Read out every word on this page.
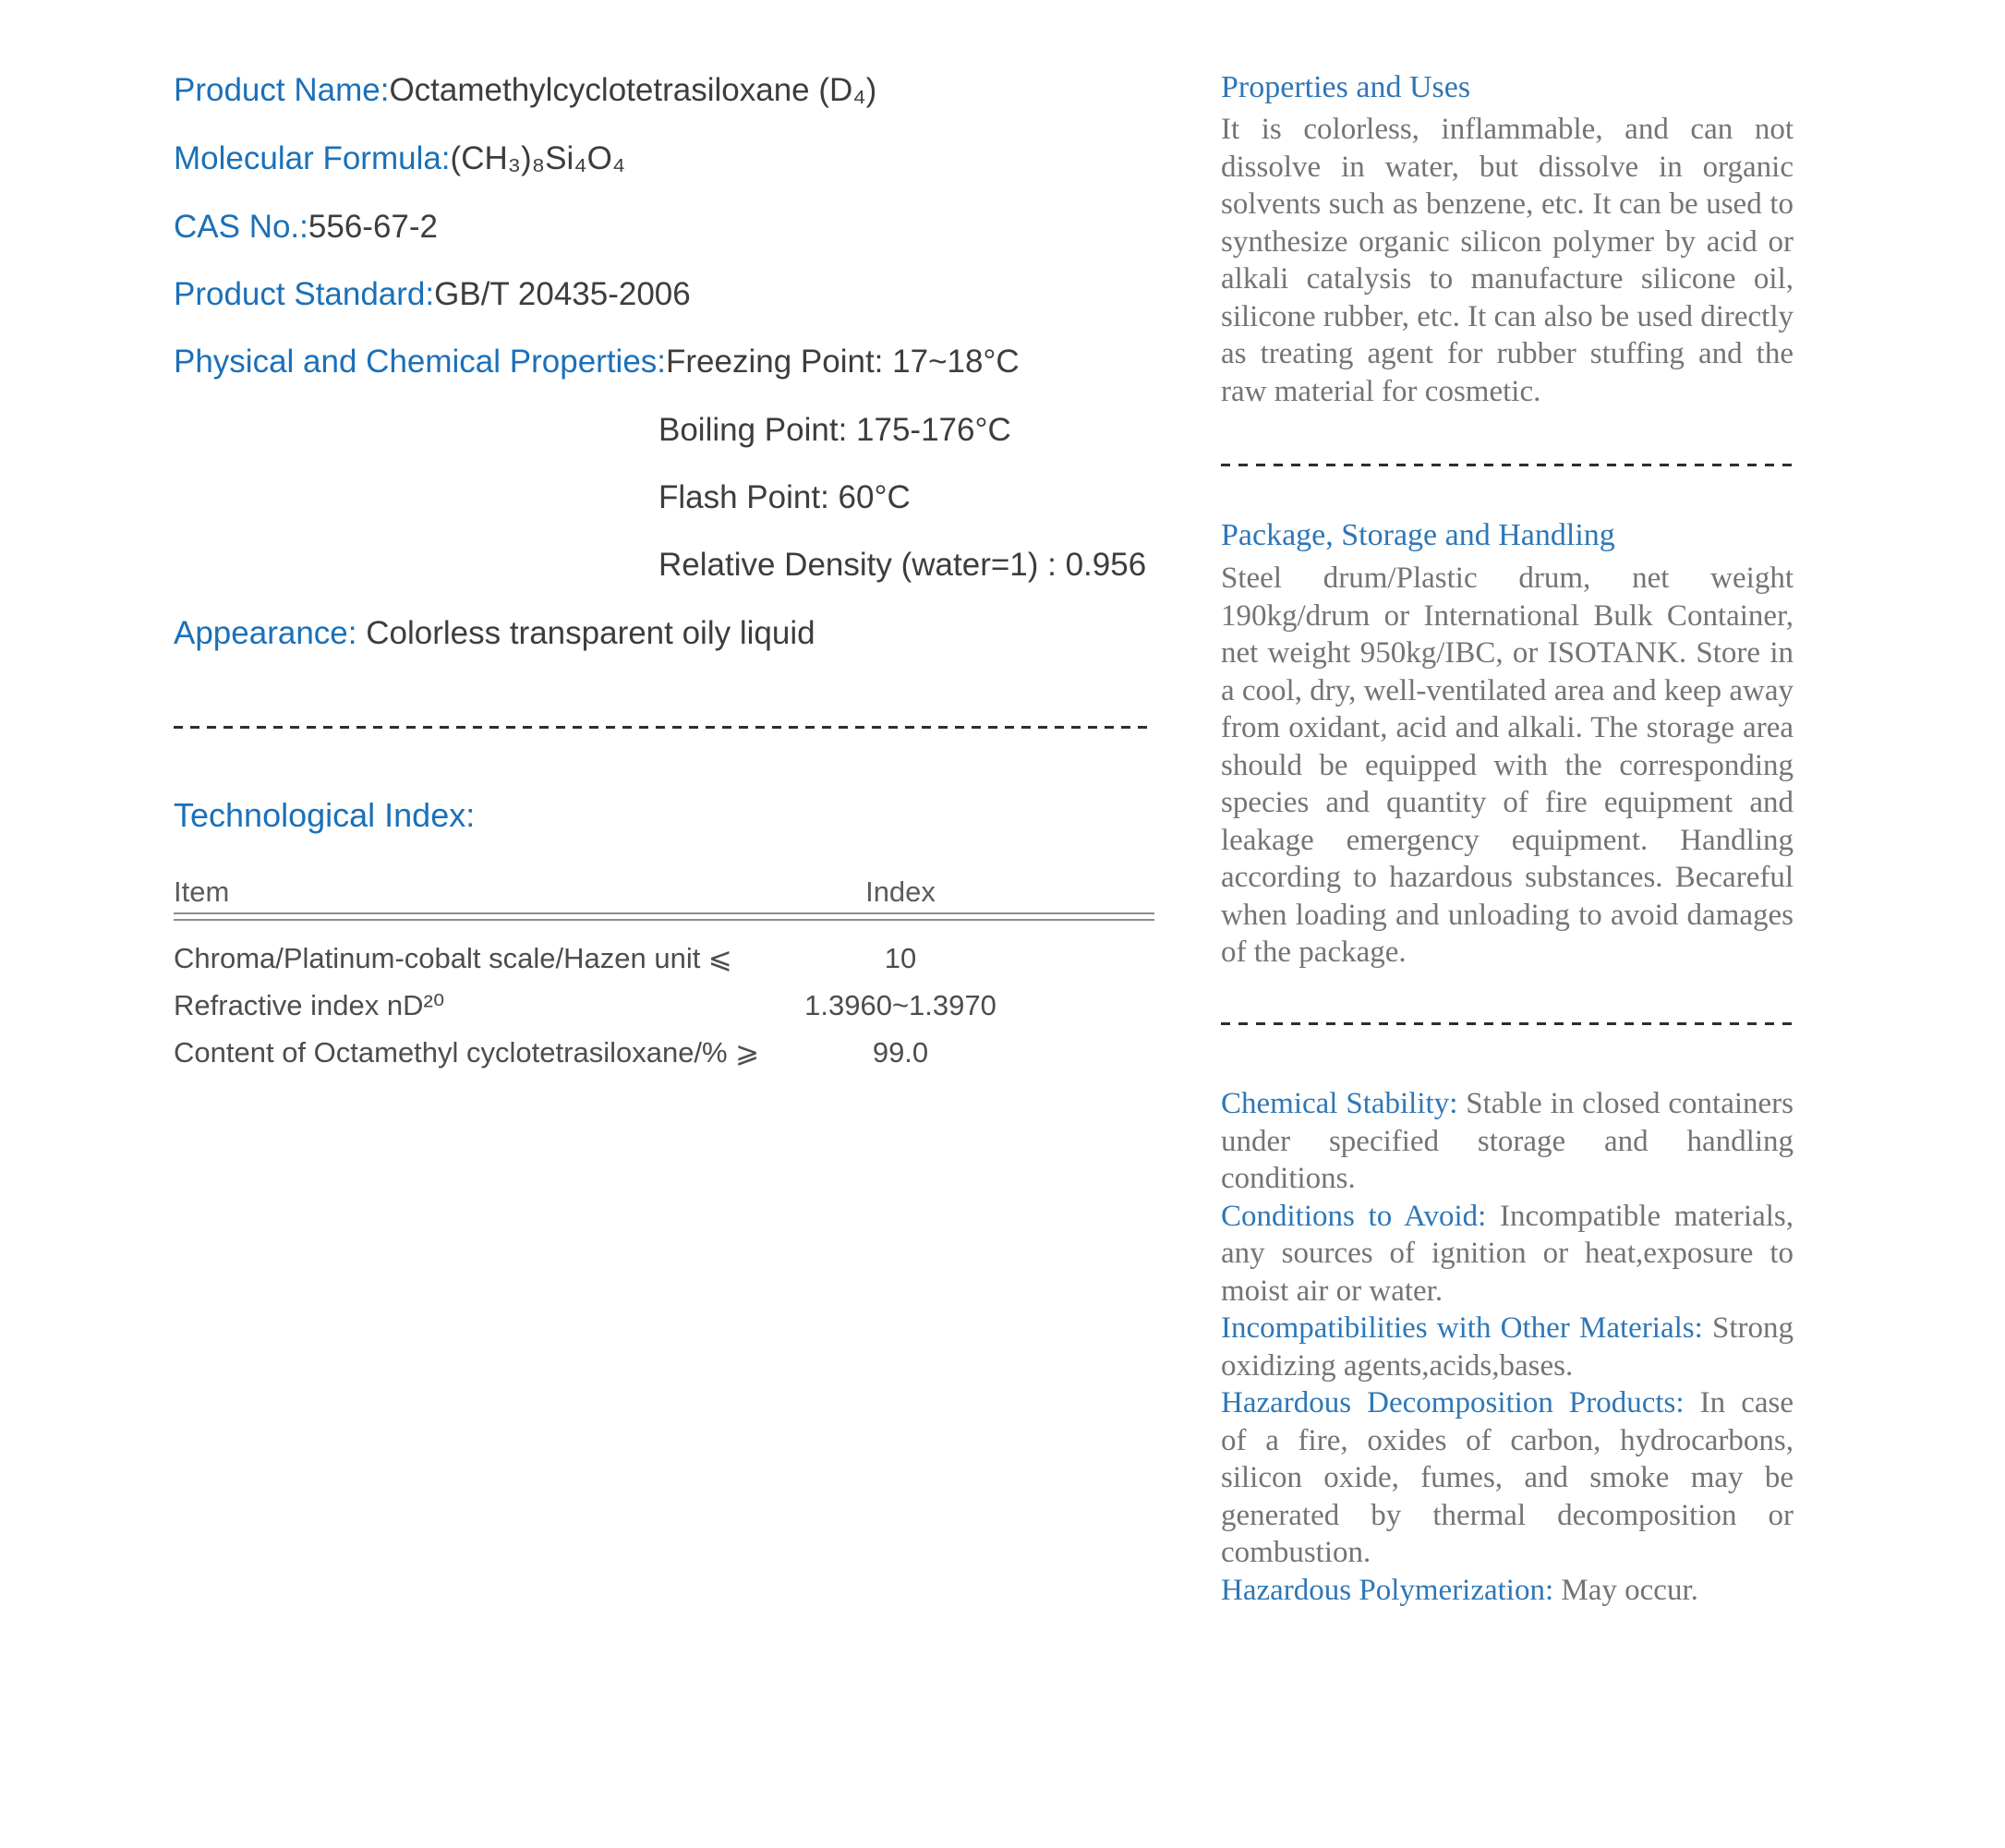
Product Name:Octamethylcyclotetrasiloxane (D₄)
Molecular Formula:(CH₃)₈Si₄O₄
CAS No.:556-67-2
Product Standard:GB/T 20435-2006
Physical and Chemical Properties:Freezing Point: 17~18°C
Boiling Point: 175-176°C
Flash Point: 60°C
Relative Density (water=1) : 0.956
Appearance: Colorless transparent oily liquid
Technological Index:
Item	Index
Chroma/Platinum-cobalt scale/Hazen unit ⩽	10
Refractive index nD²⁰	1.3960~1.3970
Content of Octamethyl cyclotetrasiloxane/% ⩾	99.0
Properties and Uses
It is colorless, inflammable, and can not dissolve in water, but dissolve in organic solvents such as benzene, etc. It can be used to synthesize organic silicon polymer by acid or alkali catalysis to manufacture silicone oil, silicone rubber, etc. It can also be used directly as treating agent for rubber stuffing and the raw material for cosmetic.
Package, Storage and Handling
Steel drum/Plastic drum, net weight 190kg/drum or International Bulk Container, net weight 950kg/IBC, or ISOTANK. Store in a cool, dry, well-ventilated area and keep away from oxidant, acid and alkali. The storage area should be equipped with the corresponding species and quantity of fire equipment and leakage emergency equipment. Handling according to hazardous substances. Becareful when loading and unloading to avoid damages of the package.

Chemical Stability: Stable in closed containers under specified storage and handling conditions.

Conditions to Avoid: Incompatible materials, any sources of ignition or heat,exposure to moist air or water.

Incompatibilities with Other Materials: Strong oxidizing agents,acids,bases.

Hazardous Decomposition Products: In case of a fire, oxides of carbon, hydrocarbons, silicon oxide, fumes, and smoke may be generated by thermal decomposition or combustion.

Hazardous Polymerization: May occur.
